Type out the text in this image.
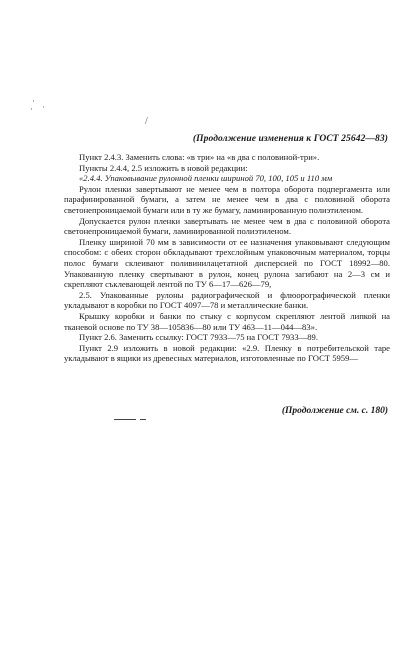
·
· ·
/
(Продолжение изменения к ГОСТ 25642—83)

Пункт 2.4.3. Заменить слова: «в три» на «в два с половиной-три».

Пункты 2.4.4, 2.5 изложить в новой редакции:

«2.4.4. Упаковывание рулонной пленки шириной 70, 100, 105 и 110 мм

Рулон пленки завертывают не менее чем в полтора оборота подпергамента или парафинированной бумаги, а затем не менее чем в два с половиной оборота светонепроницаемой бумаги или в ту же бумагу, ламинированную полиэтиленом.

Допускается рулон пленки завертывать не менее чем в два с половиной оборота светонепроницаемой бумаги, ламинированной полиэтиленом.

Пленку шириной 70 мм в зависимости от ее назначения упаковывают следующим способом: с обеих сторон обкладывают трехслойным упаковочным материалом, торцы полос бумаги склеивают поливинилацетатной дисперсией по ГОСТ 18992—80. Упакованную пленку свертывают в рулон, конец рулона загибают на 2—3 см и скрепляют съклевающей лентой по ТУ 6—17—626—79,

2.5. Упакованные рулоны радиографической и флюорографической пленки укладывают в коробки по ГОСТ 4097—78 и металлические банки.

Крышку коробки и банки по стыку с корпусом скрепляют лентой липкой на тканевой основе по ТУ 38—105836—80 или ТУ 463—11—044—83».

Пункт 2.6. Заменить ссылку: ГОСТ 7933—75 на ГОСТ 7933—89.

Пункт 2.9 изложить в новой редакции: «2.9. Пленку в потребительской таре укладывают в ящики из древесных материалов, изготовленные по ГОСТ 5959—

(Продолжение см. с. 180)
